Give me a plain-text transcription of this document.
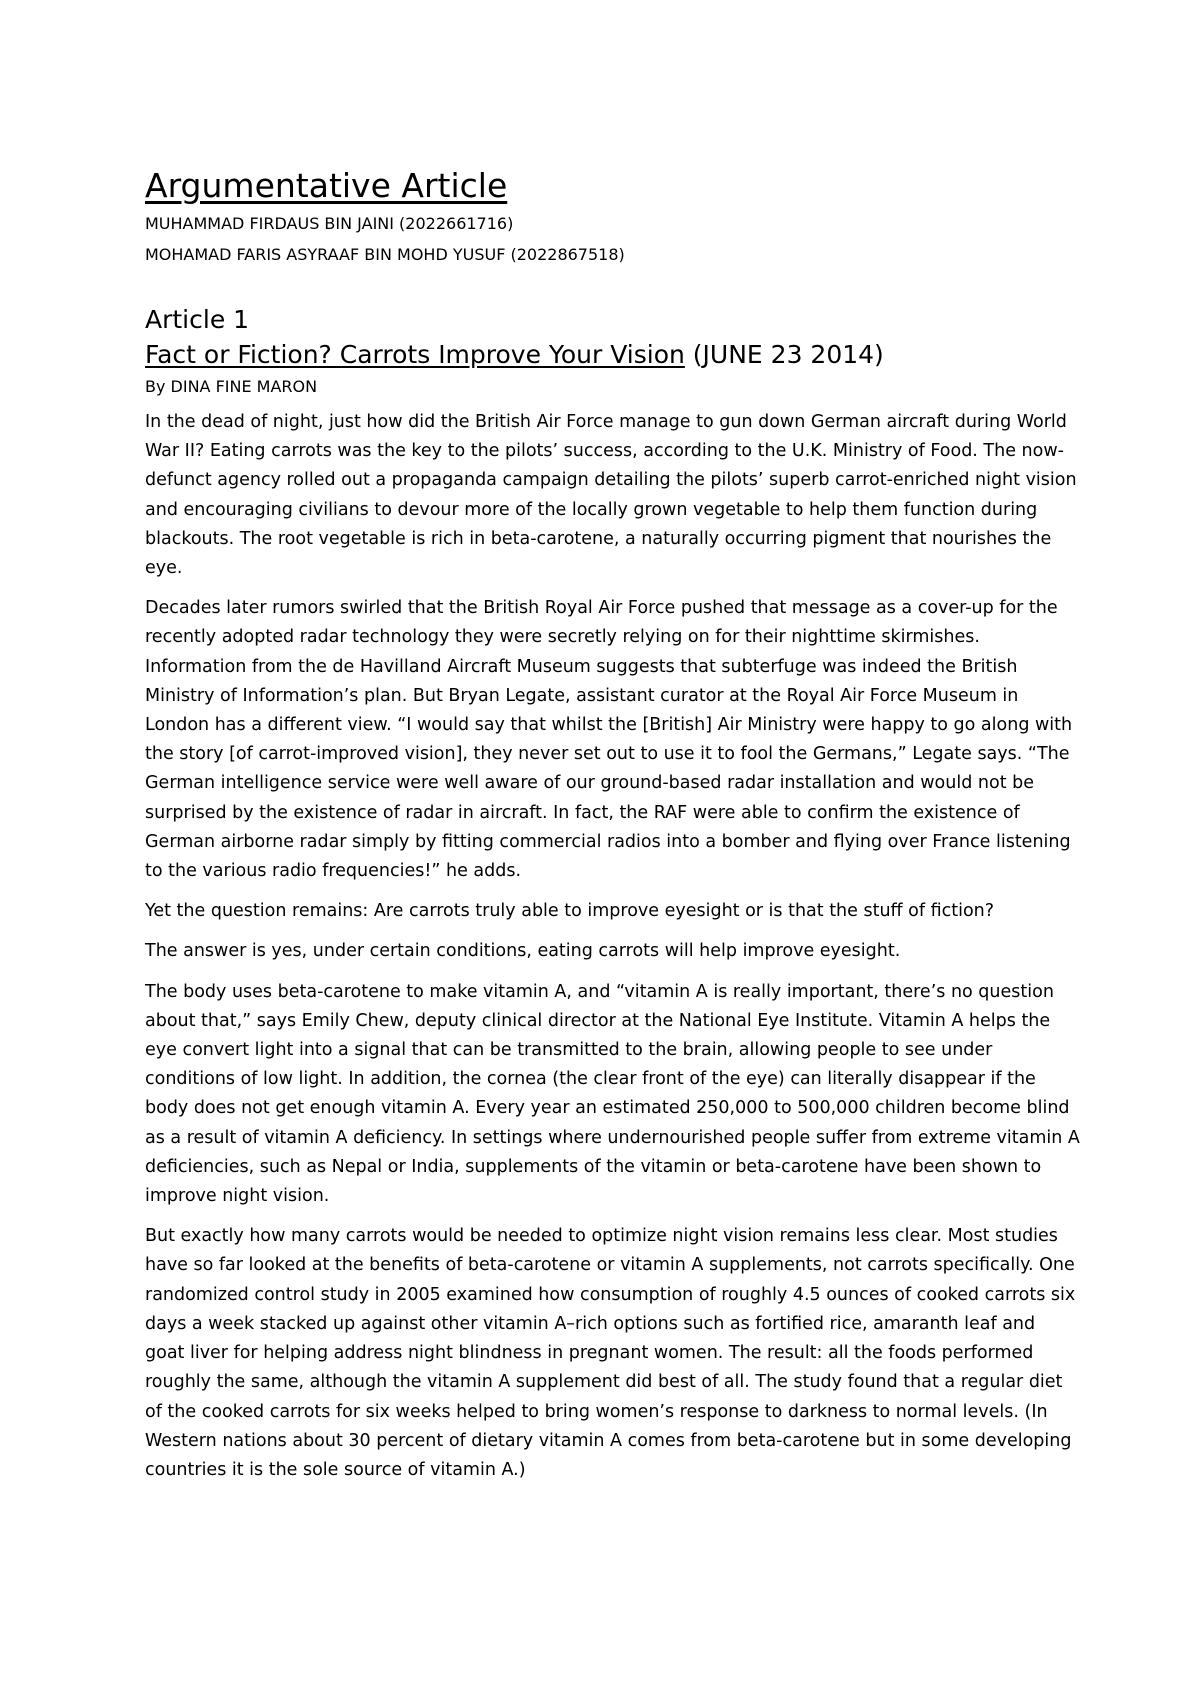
Argumentative Article

MUHAMMAD FIRDAUS BIN JAINI (2022661716)

MOHAMAD FARIS ASYRAAF BIN MOHD YUSUF (2022867518)

Article 1
Fact or Fiction? Carrots Improve Your Vision (JUNE 23 2014)

By DINA FINE MARON

In the dead of night, just how did the British Air Force manage to gun down German aircraft during World War II? Eating carrots was the key to the pilots’ success, according to the U.K. Ministry of Food. The now-defunct agency rolled out a propaganda campaign detailing the pilots’ superb carrot-enriched night vision and encouraging civilians to devour more of the locally grown vegetable to help them function during blackouts. The root vegetable is rich in beta-carotene, a naturally occurring pigment that nourishes the eye.

Decades later rumors swirled that the British Royal Air Force pushed that message as a cover-up for the recently adopted radar technology they were secretly relying on for their nighttime skirmishes. Information from the de Havilland Aircraft Museum suggests that subterfuge was indeed the British Ministry of Information’s plan. But Bryan Legate, assistant curator at the Royal Air Force Museum in London has a different view. “I would say that whilst the [British] Air Ministry were happy to go along with the story [of carrot-improved vision], they never set out to use it to fool the Germans,” Legate says. “The German intelligence service were well aware of our ground-based radar installation and would not be surprised by the existence of radar in aircraft. In fact, the RAF were able to confirm the existence of German airborne radar simply by fitting commercial radios into a bomber and flying over France listening to the various radio frequencies!” he adds.

Yet the question remains: Are carrots truly able to improve eyesight or is that the stuff of fiction?

The answer is yes, under certain conditions, eating carrots will help improve eyesight.

The body uses beta-carotene to make vitamin A, and “vitamin A is really important, there’s no question about that,” says Emily Chew, deputy clinical director at the National Eye Institute. Vitamin A helps the eye convert light into a signal that can be transmitted to the brain, allowing people to see under conditions of low light. In addition, the cornea (the clear front of the eye) can literally disappear if the body does not get enough vitamin A. Every year an estimated 250,000 to 500,000 children become blind as a result of vitamin A deficiency. In settings where undernourished people suffer from extreme vitamin A deficiencies, such as Nepal or India, supplements of the vitamin or beta-carotene have been shown to improve night vision.

But exactly how many carrots would be needed to optimize night vision remains less clear. Most studies have so far looked at the benefits of beta-carotene or vitamin A supplements, not carrots specifically. One randomized control study in 2005 examined how consumption of roughly 4.5 ounces of cooked carrots six days a week stacked up against other vitamin A–rich options such as fortified rice, amaranth leaf and goat liver for helping address night blindness in pregnant women. The result: all the foods performed roughly the same, although the vitamin A supplement did best of all. The study found that a regular diet of the cooked carrots for six weeks helped to bring women’s response to darkness to normal levels. (In Western nations about 30 percent of dietary vitamin A comes from beta-carotene but in some developing countries it is the sole source of vitamin A.)
